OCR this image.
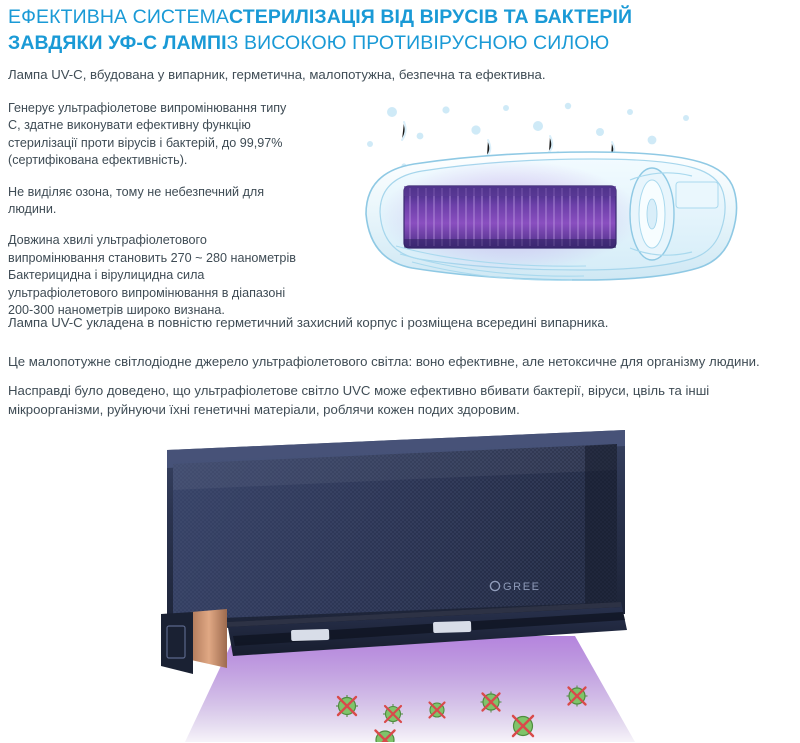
ЕФЕКТИВНА СИСТЕМАСТЕРИЛІЗАЦІЯ ВІД ВІРУСІВ ТА БАКТЕРІЙ
ЗАВДЯКИ УФ-С ЛАМПІЗ ВИСОКОЮ ПРОТИВІРУСНОЮ СИЛОЮ
Лампа UV-C, вбудована у випарник, герметична, малопотужна, безпечна та ефективна.

Генерує ультрафіолетове випромінювання типу С, здатне виконувати ефективну функцію стерилізації проти вірусів і бактерій, до 99,97% (сертифікована ефективність).

Не виділяє озона, тому не небезпечний для людини.

Довжина хвилі ультрафіолетового випромінювання становить 270 ~ 280 нанометрів Бактерицидна і вірулицидна сила ультрафіолетового випромінювання в діапазоні 200-300 нанометрів широко визнана.

Лампа UV-C укладена в повністю герметичний захисний корпус і розміщена всередині випарника.
Це малопотужне світлодіодне джерело ультрафіолетового світла: воно ефективне, але нетоксичне для організму людини.
Насправді було доведено, що ультрафіолетове світло UVC може ефективно вбивати бактерії, віруси, цвіль та інші мікроорганізми, руйнуючи їхні генетичні матеріали, роблячи кожен подих здоровим.
GREE
